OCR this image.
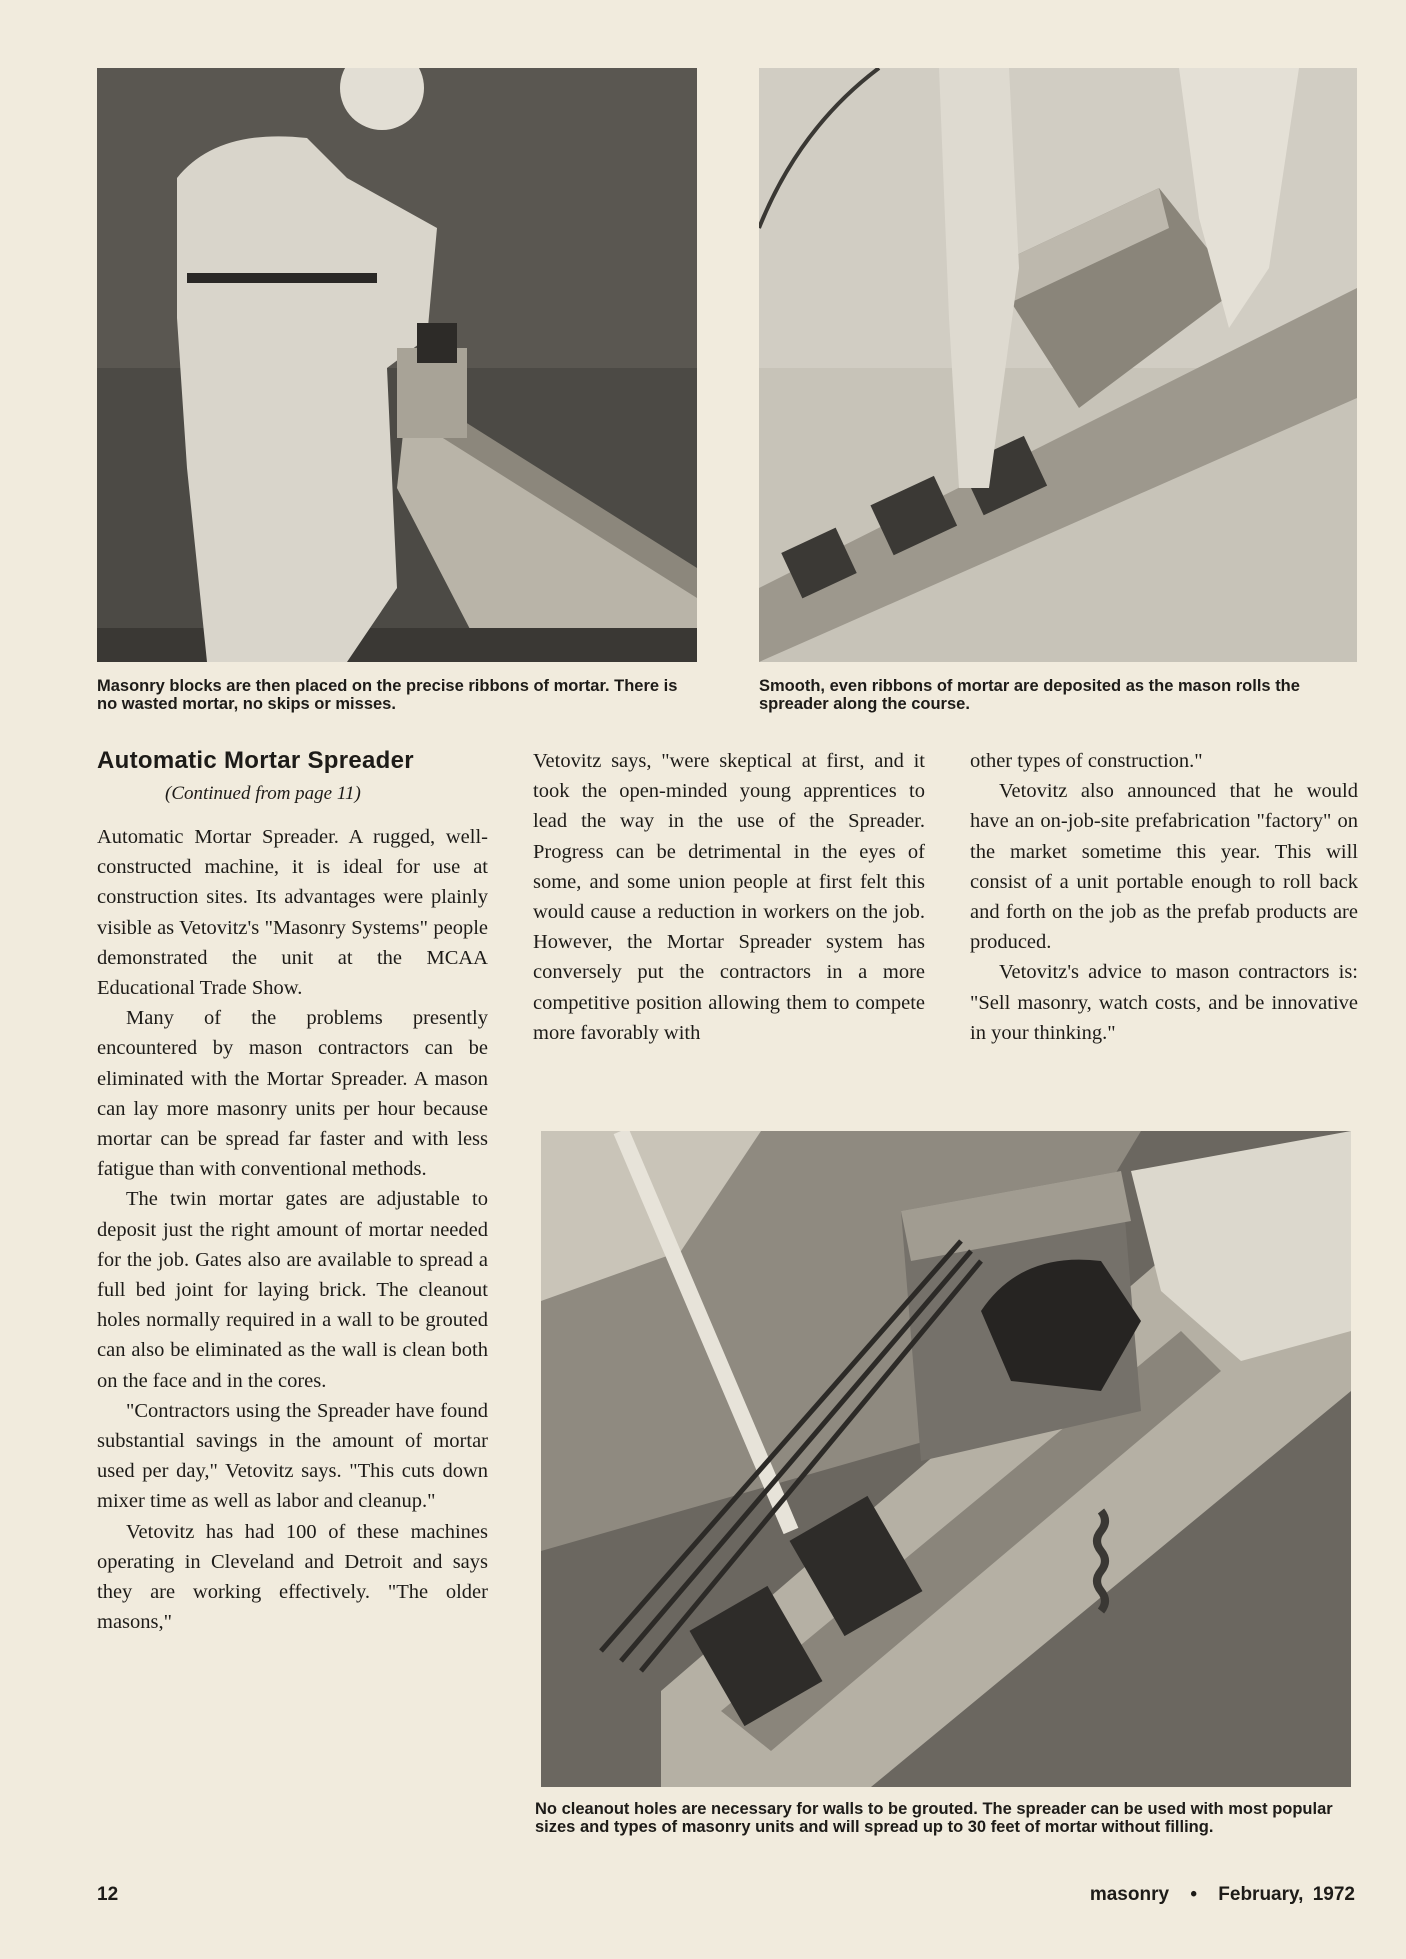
Masonry blocks are then placed on the precise ribbons of mortar. There is no wasted mortar, no skips or misses.

Smooth, even ribbons of mortar are deposited as the mason rolls the spreader along the course.

Automatic Mortar Spreader

(Continued from page 11)

Automatic Mortar Spreader. A rugged, well-constructed machine, it is ideal for use at construction sites. Its advantages were plainly visible as Vetovitz's "Masonry Systems" people demonstrated the unit at the MCAA Educational Trade Show.

Many of the problems presently encountered by mason contractors can be eliminated with the Mortar Spreader. A mason can lay more masonry units per hour because mortar can be spread far faster and with less fatigue than with conventional methods.

The twin mortar gates are adjustable to deposit just the right amount of mortar needed for the job. Gates also are available to spread a full bed joint for laying brick. The cleanout holes normally required in a wall to be grouted can also be eliminated as the wall is clean both on the face and in the cores.

"Contractors using the Spreader have found substantial savings in the amount of mortar used per day," Vetovitz says. "This cuts down mixer time as well as labor and cleanup."

Vetovitz has had 100 of these machines operating in Cleveland and Detroit and says they are working effectively. "The older masons,"

Vetovitz says, "were skeptical at first, and it took the open-minded young apprentices to lead the way in the use of the Spreader. Progress can be detrimental in the eyes of some, and some union people at first felt this would cause a reduction in workers on the job. However, the Mortar Spreader system has conversely put the contractors in a more competitive position allowing them to compete more favorably with

other types of construction."

Vetovitz also announced that he would have an on-job-site prefabrication "factory" on the market sometime this year. This will consist of a unit portable enough to roll back and forth on the job as the prefab products are produced.

Vetovitz's advice to mason contractors is: "Sell masonry, watch costs, and be innovative in your thinking."

No cleanout holes are necessary for walls to be grouted. The spreader can be used with most popular sizes and types of masonry units and will spread up to 30 feet of mortar without filling.

12	masonry • February, 1972
